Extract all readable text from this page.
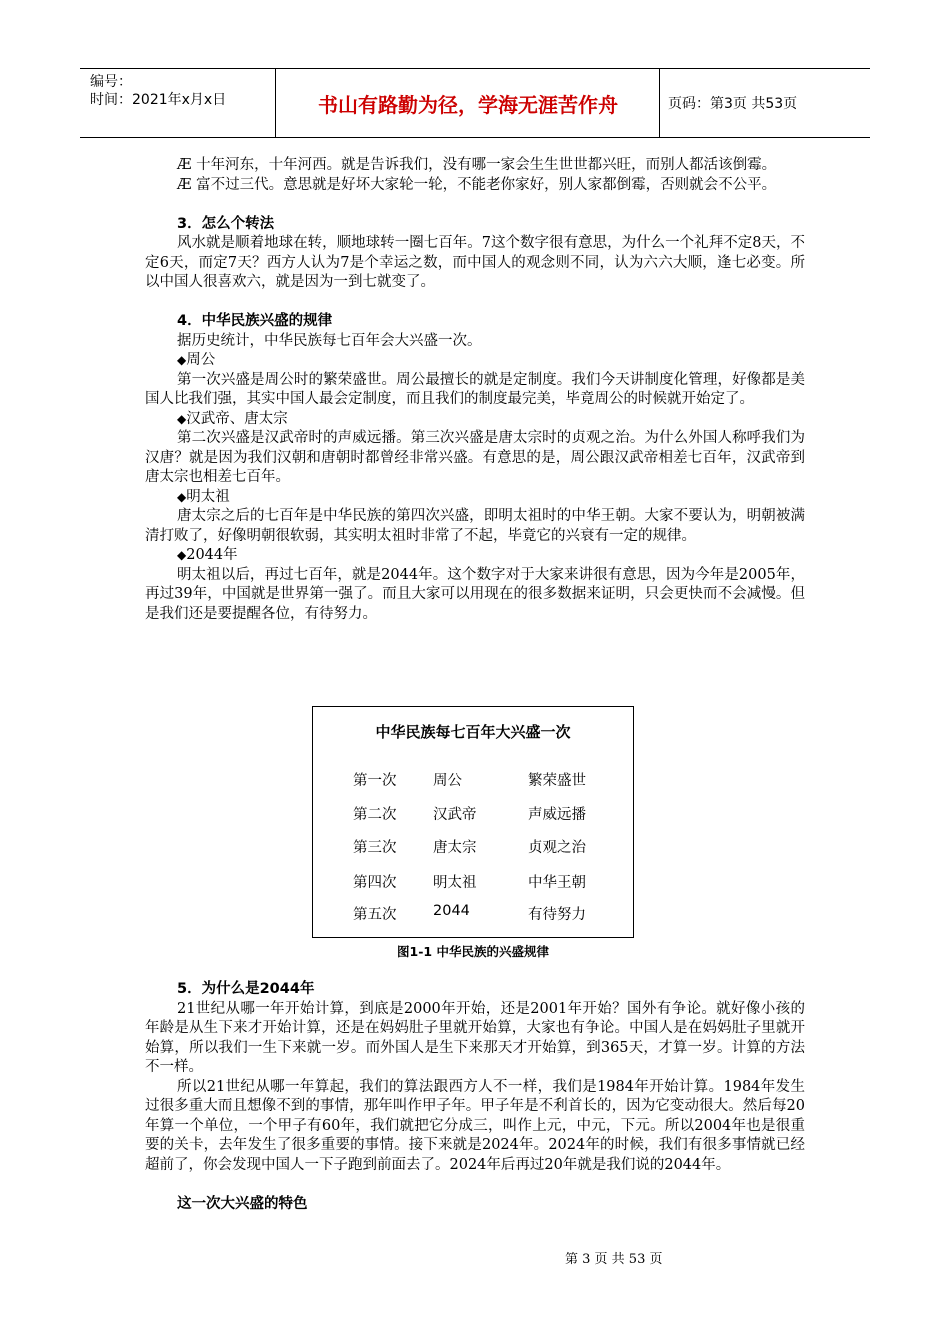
编号：
时间：2021年x月x日	书山有路勤为径，学海无涯苦作舟	页码：第3页 共53页

Æ 十年河东，十年河西。就是告诉我们，没有哪一家会生生世世都兴旺，而别人都活该倒霉。

Æ 富不过三代。意思就是好坏大家轮一轮，不能老你家好，别人家都倒霉，否则就会不公平。

3．怎么个转法

风水就是顺着地球在转，顺地球转一圈七百年。7这个数字很有意思，为什么一个礼拜不定8天，不定6天，而定7天？西方人认为7是个幸运之数，而中国人的观念则不同，认为六六大顺，逢七必变。所以中国人很喜欢六，就是因为一到七就变了。

4．中华民族兴盛的规律

据历史统计，中华民族每七百年会大兴盛一次。

◆周公

第一次兴盛是周公时的繁荣盛世。周公最擅长的就是定制度。我们今天讲制度化管理，好像都是美国人比我们强，其实中国人最会定制度，而且我们的制度最完美，毕竟周公的时候就开始定了。

◆汉武帝、唐太宗

第二次兴盛是汉武帝时的声威远播。第三次兴盛是唐太宗时的贞观之治。为什么外国人称呼我们为汉唐？就是因为我们汉朝和唐朝时都曾经非常兴盛。有意思的是，周公跟汉武帝相差七百年，汉武帝到唐太宗也相差七百年。

◆明太祖

唐太宗之后的七百年是中华民族的第四次兴盛，即明太祖时的中华王朝。大家不要认为，明朝被满清打败了，好像明朝很软弱，其实明太祖时非常了不起，毕竟它的兴衰有一定的规律。

◆2044年

明太祖以后，再过七百年，就是2044年。这个数字对于大家来讲很有意思，因为今年是2005年，再过39年，中国就是世界第一强了。而且大家可以用现在的很多数据来证明，只会更快而不会减慢。但是我们还是要提醒各位，有待努力。

中华民族每七百年大兴盛一次
第一次	周公	繁荣盛世
第二次	汉武帝	声威远播
第三次	唐太宗	贞观之治
第四次	明太祖	中华王朝
第五次	2044	有待努力
图1-1 中华民族的兴盛规律
5．为什么是2044年

21世纪从哪一年开始计算，到底是2000年开始，还是2001年开始？国外有争论。就好像小孩的年龄是从生下来才开始计算，还是在妈妈肚子里就开始算，大家也有争论。中国人是在妈妈肚子里就开始算，所以我们一生下来就一岁。而外国人是生下来那天才开始算，到365天，才算一岁。计算的方法不一样。

所以21世纪从哪一年算起，我们的算法跟西方人不一样，我们是1984年开始计算。1984年发生过很多重大而且想像不到的事情，那年叫作甲子年。甲子年是不利首长的，因为它变动很大。然后每20年算一个单位，一个甲子有60年，我们就把它分成三，叫作上元，中元，下元。所以2004年也是很重要的关卡，去年发生了很多重要的事情。接下来就是2024年。2024年的时候，我们有很多事情就已经超前了，你会发现中国人一下子跑到前面去了。2024年后再过20年就是我们说的2044年。

这一次大兴盛的特色
第 3 页 共 53 页
